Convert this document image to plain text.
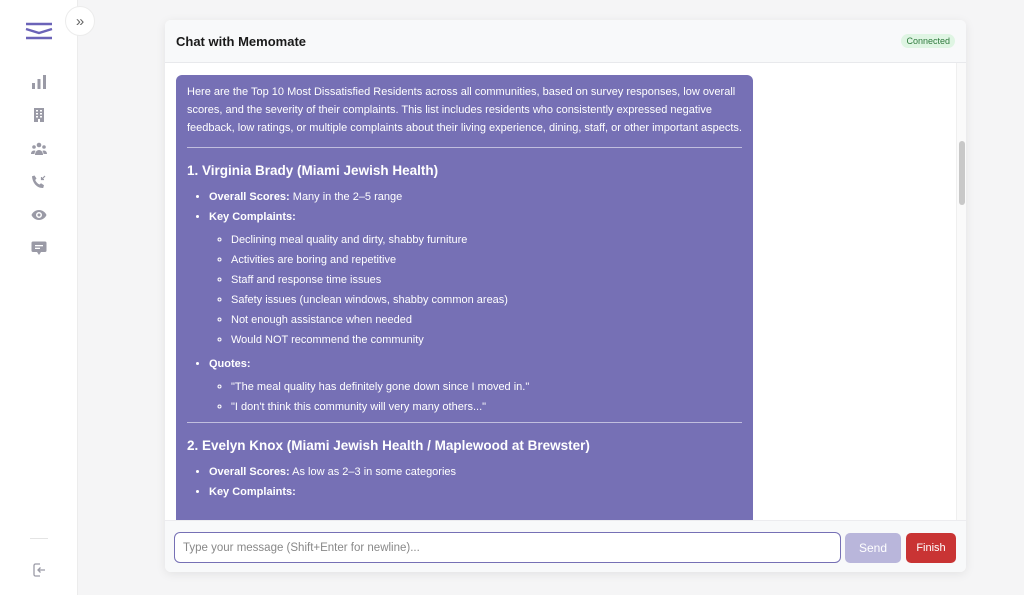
»
Chat with Memomate	Connected

Here are the Top 10 Most Dissatisfied Residents across all communities, based on survey responses, low overall scores, and the severity of their complaints. This list includes residents who consistently expressed negative feedback, low ratings, or multiple complaints about their living experience, dining, staff, or other important aspects.

1. Virginia Brady (Miami Jewish Health)
• Overall Scores: Many in the 2–5 range
• Key Complaints:
◦ Declining meal quality and dirty, shabby furniture
◦ Activities are boring and repetitive
◦ Staff and response time issues
◦ Safety issues (unclean windows, shabby common areas)
◦ Not enough assistance when needed
◦ Would NOT recommend the community
• Quotes:
◦ "The meal quality has definitely gone down since I moved in."
◦ "I don't think this community will very many others..."
2. Evelyn Knox (Miami Jewish Health / Maplewood at Brewster)
• Overall Scores: As low as 2–3 in some categories
• Key Complaints:
Type your message (Shift+Enter for newline)...
Send	Finish
